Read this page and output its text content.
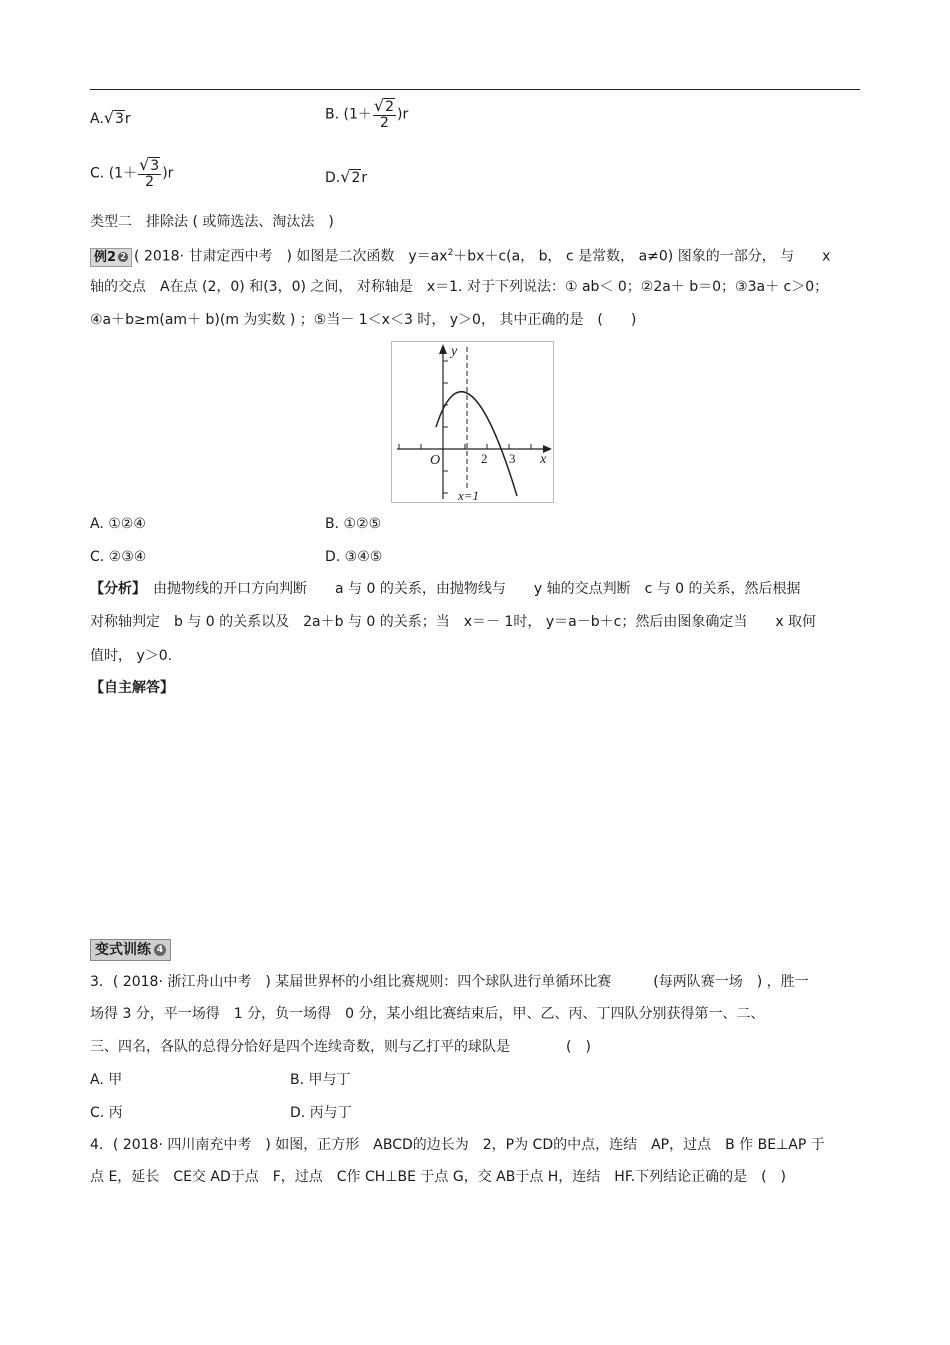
A.√3r	B. $(1+ \frac{√2}{2} )r$
C. $(1+ \frac{√3}{2} )r$	D.√2r
类型二　排除法 ( 或筛选法、淘汰法　)
例2 2 ( 2018· 甘肃定西中考　) 如图是二次函数　$y=ax^2+bx+c(a$， b， c 是常数， a≠0) 图象的一部分， 与　　x
轴的交点　A在点 (2，0) 和(3，0) 之间， 对称轴是　x＝1. 对于下列说法：① ab＜ 0；②2a＋ b＝0；③3a＋ c＞0；
④a＋b≥m(am＋ b)(m 为实数 ) ；⑤当－ 1＜x＜3 时， y＞0， 其中正确的是　(　　)
y
x
O	2 3
x=1
A. ①②④	B. ①②⑤
C. ②③④	D. ③④⑤
【分析】　由抛物线的开口方向判断　　a 与 0 的关系，由抛物线与　　y 轴的交点判断　c 与 0 的关系，然后根据
对称轴判定　b 与 0 的关系以及　2a＋b 与 0 的关系；当　x＝－ 1时， y＝a－b＋c；然后由图象确定当　　x 取何
值时， y＞0.
【自主解答】
变式训练 4
3．( 2018· 浙江舟山中考　) 某届世界杯的小组比赛规则：四个球队进行单循环比赛　　　(每两队赛一场　) ，胜一
场得 3 分，平一场得　1 分，负一场得　0 分，某小组比赛结束后，甲、乙、丙、丁四队分别获得第一、二、
三、四名，各队的总得分恰好是四个连续奇数，则与乙打平的球队是　　　　(　)
A. 甲	B. 甲与丁
C. 丙	D. 丙与丁
4．( 2018· 四川南充中考　) 如图，正方形　ABCD的边长为　2，P为 CD的中点，连结　AP，过点　B 作 BE⊥AP 于
点 E，延长　CE交 AD于点　F，过点　C作 CH⊥BE 于点 G，交 AB于点 H，连结　HF.下列结论正确的是　(　)
